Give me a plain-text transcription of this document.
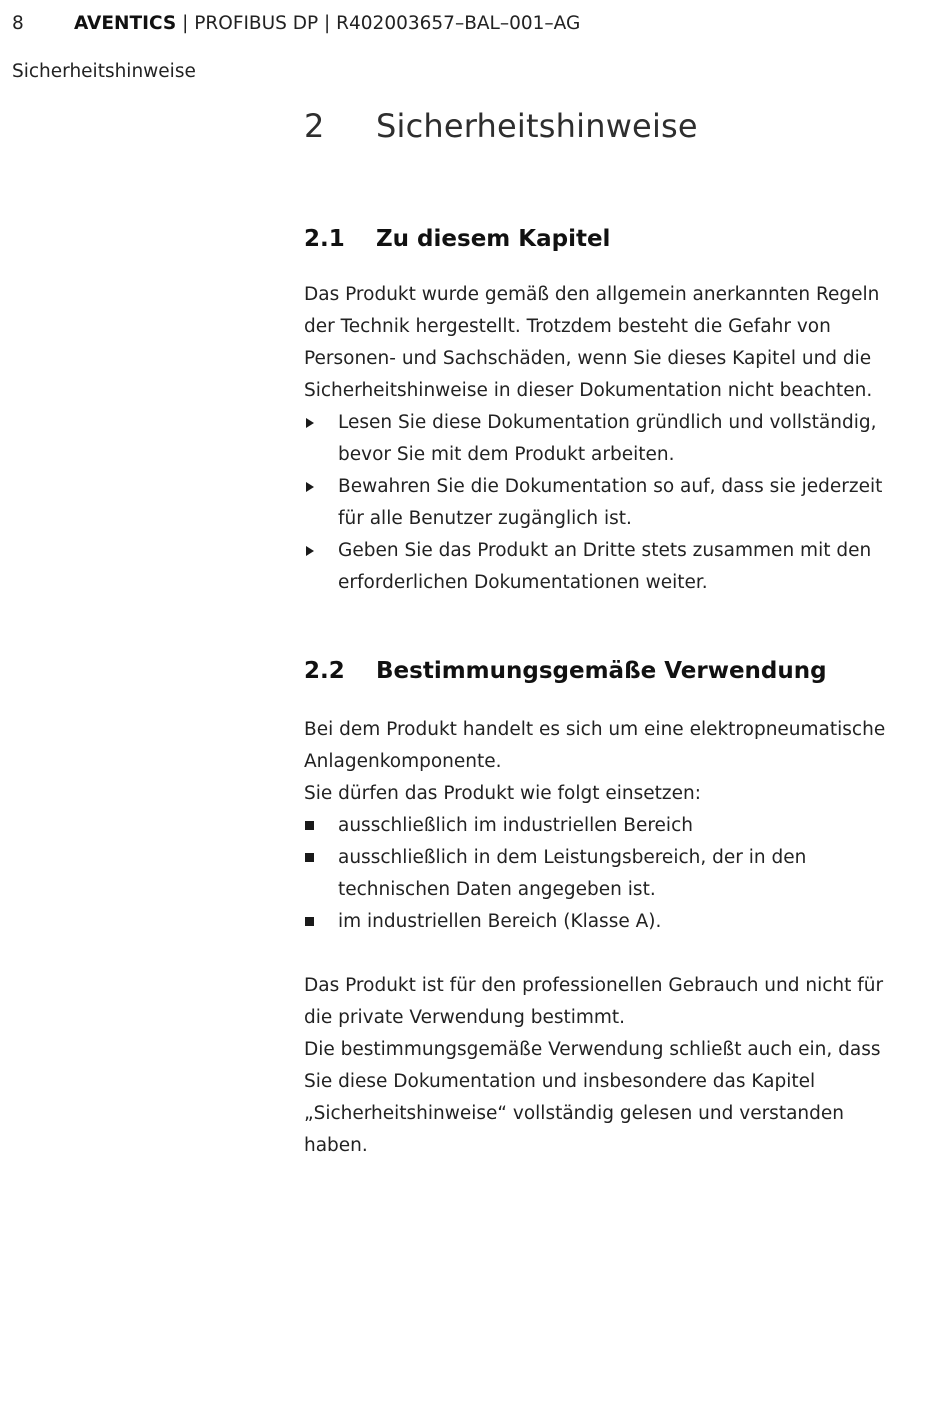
8	AVENTICS | PROFIBUS DP | R402003657–BAL–001–AG
Sicherheitshinweise
2	Sicherheitshinweise
2.1	Zu diesem Kapitel

Das Produkt wurde gemäß den allgemein anerkannten Regeln der Technik hergestellt. Trotzdem besteht die Gefahr von Personen- und Sachschäden, wenn Sie dieses Kapitel und die Sicherheitshinweise in dieser Dokumentation nicht beachten.

Lesen Sie diese Dokumentation gründlich und vollständig, bevor Sie mit dem Produkt arbeiten.
Bewahren Sie die Dokumentation so auf, dass sie jederzeit für alle Benutzer zugänglich ist.
Geben Sie das Produkt an Dritte stets zusammen mit den erforderlichen Dokumentationen weiter.
2.2	Bestimmungsgemäße Verwendung

Bei dem Produkt handelt es sich um eine elektropneumatische Anlagenkomponente.

Sie dürfen das Produkt wie folgt einsetzen:

ausschließlich im industriellen Bereich
ausschließlich in dem Leistungsbereich, der in den technischen Daten angegeben ist.
im industriellen Bereich (Klasse A).

Das Produkt ist für den professionellen Gebrauch und nicht für die private Verwendung bestimmt.

Die bestimmungsgemäße Verwendung schließt auch ein, dass Sie diese Dokumentation und insbesondere das Kapitel „Sicherheitshinweise“ vollständig gelesen und verstanden haben.
